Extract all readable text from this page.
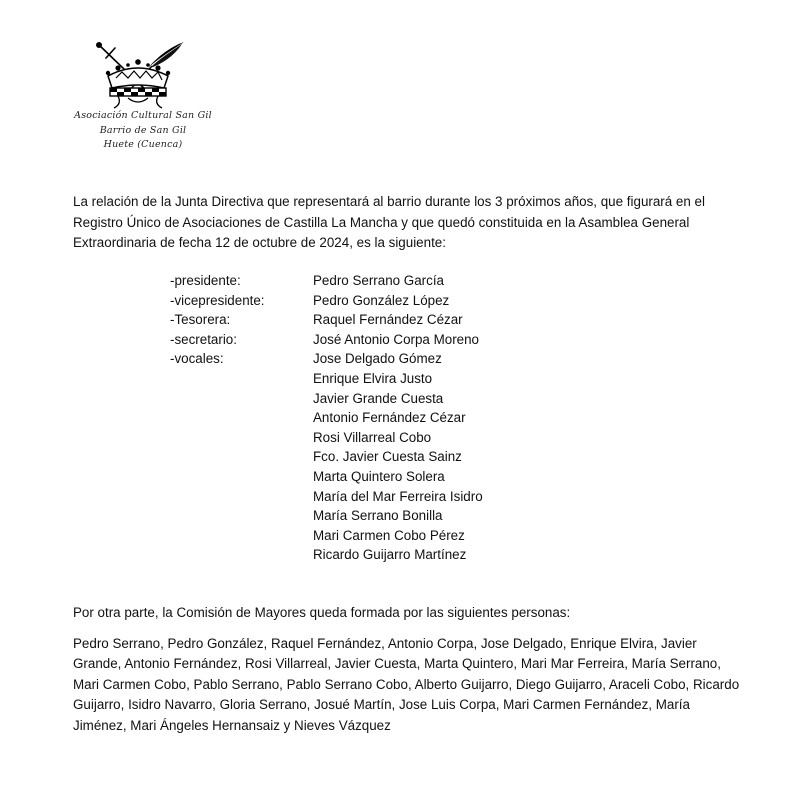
Asociación Cultural San Gil
Barrio de San Gil
Huete (Cuenca)

La relación de la Junta Directiva que representará al barrio durante los 3 próximos años, que figurará en el Registro Único de Asociaciones de Castilla La Mancha y que quedó constituida en la Asamblea General Extraordinaria de fecha 12 de octubre de 2024, es la siguiente:

-presidente:	Pedro Serrano García
-vicepresidente:	Pedro González López
-Tesorera:	Raquel Fernández Cézar
-secretario:	José Antonio Corpa Moreno
-vocales:	Jose Delgado Gómez
Enrique Elvira Justo
Javier Grande Cuesta
Antonio Fernández Cézar
Rosi Villarreal Cobo
Fco. Javier Cuesta Sainz
Marta Quintero Solera
María del Mar Ferreira Isidro
María Serrano Bonilla
Mari Carmen Cobo Pérez
Ricardo Guijarro Martínez

Por otra parte, la Comisión de Mayores queda formada por las siguientes personas:

Pedro Serrano, Pedro González, Raquel Fernández, Antonio Corpa, Jose Delgado, Enrique Elvira, Javier Grande, Antonio Fernández, Rosi Villarreal, Javier Cuesta, Marta Quintero, Mari Mar Ferreira, María Serrano, Mari Carmen Cobo, Pablo Serrano, Pablo Serrano Cobo, Alberto Guijarro, Diego Guijarro, Araceli Cobo, Ricardo Guijarro, Isidro Navarro, Gloria Serrano, Josué Martín, Jose Luis Corpa, Mari Carmen Fernández, María Jiménez, Mari Ángeles Hernansaiz y Nieves Vázquez
